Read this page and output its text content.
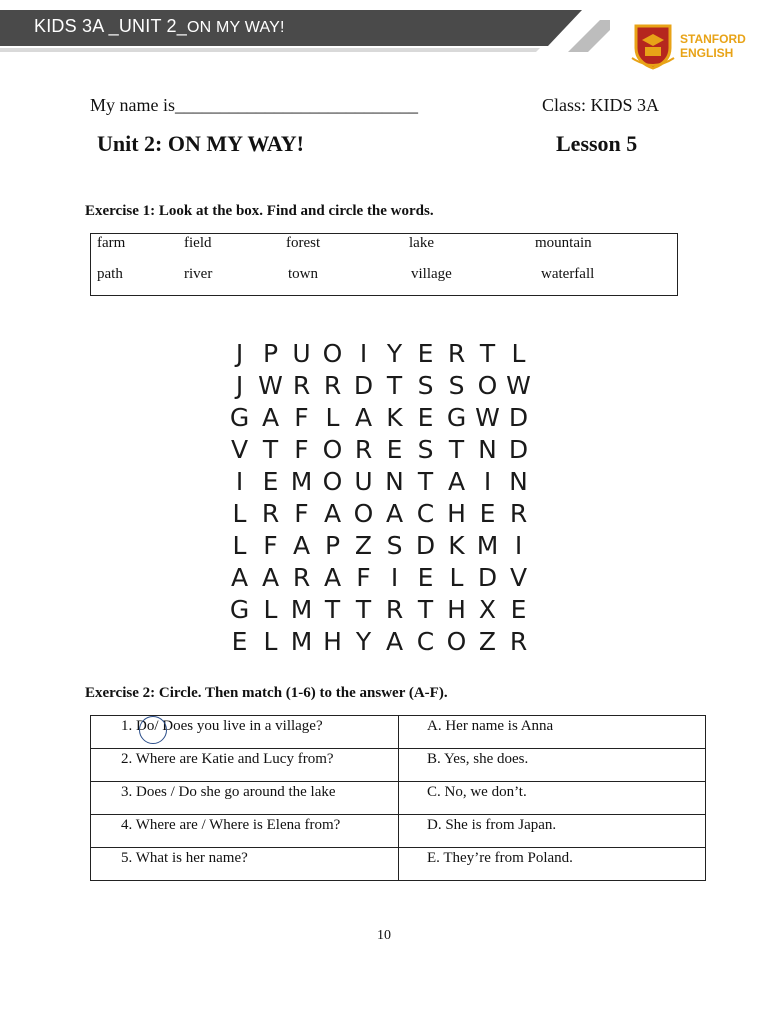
KIDS 3A _UNIT 2_ON MY WAY!
STANFORD
ENGLISH
My name is___________________________	Class: KIDS 3A
Unit 2: ON MY WAY!	Lesson 5
Exercise 1: Look at the box. Find and circle the words.
farm	field	forest	lake	mountain
path	river	town	village	waterfall
J P U O I Y E R T L
J W R R D T S S O W
G A F L A K E G W D
V T F O R E S T N D
I E M O U N T A I N
L R F A O A C H E R
L F A P Z S D K M I
A A R A F I E L D V
G L M T T R T H X E
E L M H Y A C O Z R
Exercise 2: Circle. Then match (1-6) to the answer (A-F).
1. Do/ Does you live in a village?	A. Her name is Anna

2. Where are Katie and Lucy from?	B. Yes, she does.

3. Does / Do she go around the lake	C. No, we don’t.

4. Where are / Where is Elena from?	D. She is from Japan.

5. What is her name?	E. They’re from Poland.
10
